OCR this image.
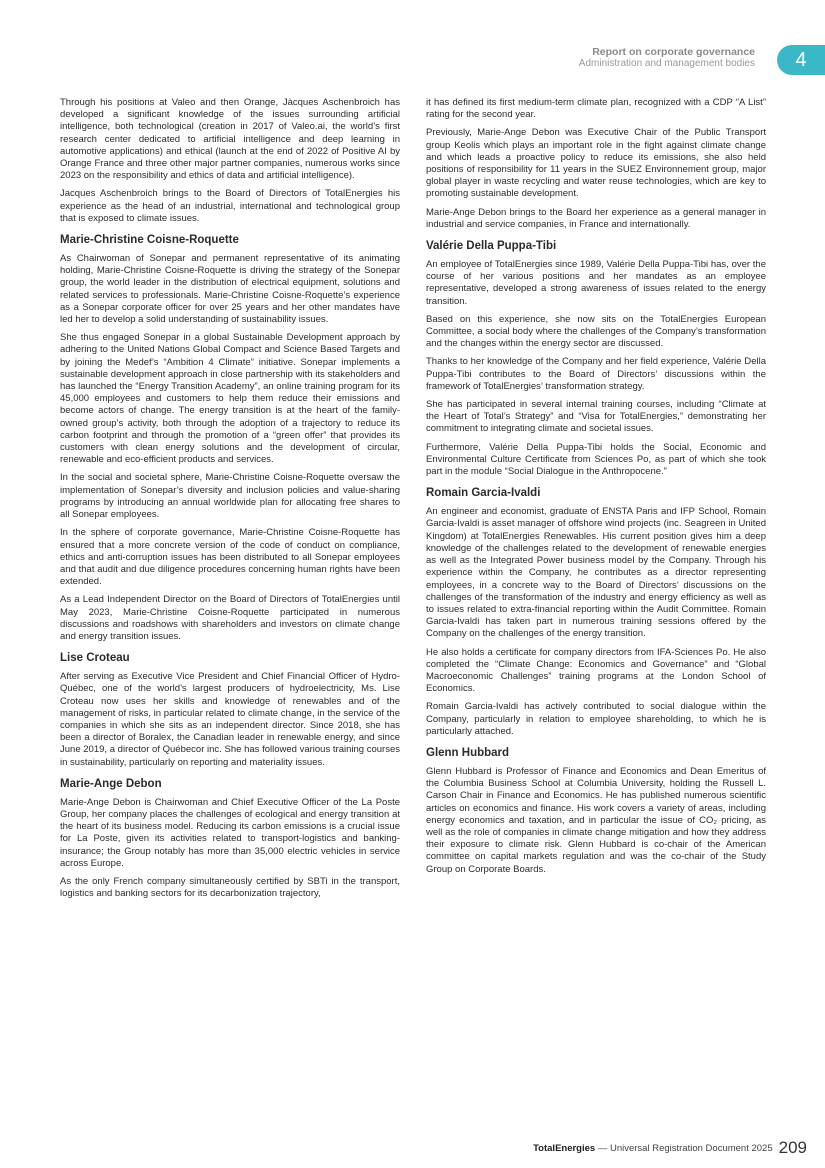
Report on corporate governance
Administration and management bodies	4

Through his positions at Valeo and then Orange, Jàcques Aschenbroich has developed a significant knowledge of the issues surrounding artificial intelligence, both technological (creation in 2017 of Valeo.ai, the world’s first research center dedicated to artificial intelligence and deep learning in automotive applications) and ethical (launch at the end of 2022 of Positive AI by Orange France and three other major partner companies, numerous works since 2023 on the responsibility and ethics of data and artificial intelligence).

Jacques Aschenbroich brings to the Board of Directors of TotalEnergies his experience as the head of an industrial, international and technological group that is exposed to climate issues.

Marie-Christine Coisne-Roquette

As Chairwoman of Sonepar and permanent representative of its animating holding, Marie-Christine Coisne-Roquette is driving the strategy of the Sonepar group, the world leader in the distribution of electrical equipment, solutions and related services to professionals. Marie-Christine Coisne-Roquette’s experience as a Sonepar corporate officer for over 25 years and her other mandates have led her to develop a solid understanding of sustainability issues.

She thus engaged Sonepar in a global Sustainable Development approach by adhering to the United Nations Global Compact and Science Based Targets and by joining the Medef’s “Ambition 4 Climate” initiative. Sonepar implements a sustainable development approach in close partnership with its stakeholders and has launched the “Energy Transition Academy”, an online training program for its 45,000 employees and customers to help them reduce their emissions and become actors of change. The energy transition is at the heart of the family-owned group’s activity, both through the adoption of a trajectory to reduce its carbon footprint and through the promotion of a “green offer” that provides its customers with clean energy solutions and the development of circular, renewable and eco-efficient products and services.

In the social and societal sphere, Marie-Christine Coisne-Roquette oversaw the implementation of Sonepar’s diversity and inclusion policies and value-sharing programs by introducing an annual worldwide plan for allocating free shares to all Sonepar employees.

In the sphere of corporate governance, Marie-Christine Coisne-Roquette has ensured that a more concrete version of the code of conduct on compliance, ethics and anti-corruption issues has been distributed to all Sonepar employees and that audit and due diligence procedures concerning human rights have been extended.

As a Lead Independent Director on the Board of Directors of TotalEnergies until May 2023, Marie-Christine Coisne-Roquette participated in numerous discussions and roadshows with shareholders and investors on climate change and energy transition issues.

Lise Croteau

After serving as Executive Vice President and Chief Financial Officer of Hydro-Québec, one of the world’s largest producers of hydroelectricity, Ms. Lise Croteau now uses her skills and knowledge of renewables and of the management of risks, in particular related to climate change, in the service of the companies in which she sits as an independent director. Since 2018, she has been a director of Boralex, the Canadian leader in renewable energy, and since June 2019, a director of Québecor inc. She has followed various training courses in sustainability, particularly on reporting and materiality issues.

Marie-Ange Debon

Marie-Ange Debon is Chairwoman and Chief Executive Officer of the La Poste Group, her company places the challenges of ecological and energy transition at the heart of its business model. Reducing its carbon emissions is a crucial issue for La Poste, given its activities related to transport-logistics and banking-insurance; the Group notably has more than 35,000 electric vehicles in service across Europe.

As the only French company simultaneously certified by SBTi in the transport, logistics and banking sectors for its decarbonization trajectory,

it has defined its first medium-term climate plan, recognized with a CDP “A List” rating for the second year.

Previously, Marie-Ange Debon was Executive Chair of the Public Transport group Keolis which plays an important role in the fight against climate change and which leads a proactive policy to reduce its emissions, she also held positions of responsibility for 11 years in the SUEZ Environnement group, major global player in waste recycling and water reuse technologies, which are key to promoting sustainable development.

Marie-Ange Debon brings to the Board her experience as a general manager in industrial and service companies, in France and internationally.

Valérie Della Puppa-Tibi

An employee of TotalEnergies since 1989, Valérie Della Puppa-Tibi has, over the course of her various positions and her mandates as an employee representative, developed a strong awareness of issues related to the energy transition.

Based on this experience, she now sits on the TotalEnergies European Committee, a social body where the challenges of the Company’s transformation and the changes within the energy sector are discussed.

Thanks to her knowledge of the Company and her field experience, Valérie Della Puppa-Tibi contributes to the Board of Directors’ discussions within the framework of TotalEnergies’ transformation strategy.

She has participated in several internal training courses, including “Climate at the Heart of Total’s Strategy” and “Visa for TotalEnergies,” demonstrating her commitment to integrating climate and societal issues.

Furthermore, Valérie Della Puppa-Tibi holds the Social, Economic and Environmental Culture Certificate from Sciences Po, as part of which she took part in the module “Social Dialogue in the Anthropocene.”

Romain Garcia-Ivaldi

An engineer and economist, graduate of ENSTA Paris and IFP School, Romain Garcia-Ivaldi is asset manager of offshore wind projects (inc. Seagreen in United Kingdom) at TotalEnergies Renewables. His current position gives him a deep knowledge of the challenges related to the development of renewable energies as well as the Integrated Power business model by the Company. Through his experience within the Company, he contributes as a director representing employees, in a concrete way to the Board of Directors’ discussions on the challenges of the transformation of the industry and energy efficiency as well as to issues related to extra-financial reporting within the Audit Committee. Romain Garcia-Ivaldi has taken part in numerous training sessions offered by the Company on the challenges of the energy transition.

He also holds a certificate for company directors from IFA-Sciences Po. He also completed the “Climate Change: Economics and Governance” and “Global Macroeconomic Challenges” training programs at the London School of Economics.

Romain Garcia-Ivaldi has actively contributed to social dialogue within the Company, particularly in relation to employee shareholding, to which he is particularly attached.

Glenn Hubbard

Glenn Hubbard is Professor of Finance and Economics and Dean Emeritus of the Columbia Business School at Columbia University, holding the Russell L. Carson Chair in Finance and Economics. He has published numerous scientific articles on economics and finance. His work covers a variety of areas, including energy economics and taxation, and in particular the issue of CO₂ pricing, as well as the role of companies in climate change mitigation and how they address their exposure to climate risk. Glenn Hubbard is co-chair of the American committee on capital markets regulation and was the co-chair of the Study Group on Corporate Boards.

TotalEnergies — Universal Registration Document 2025 209
